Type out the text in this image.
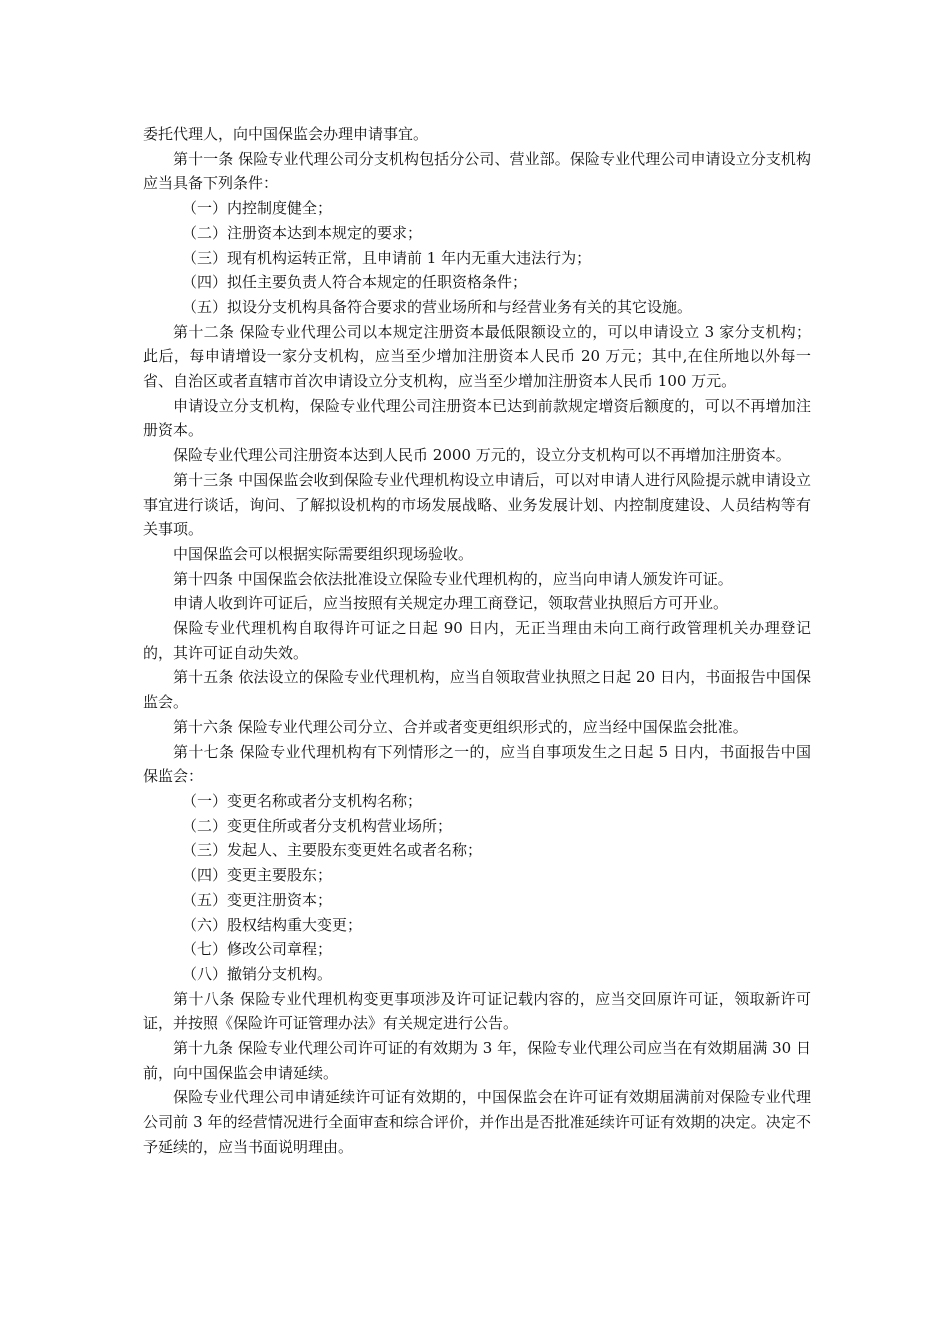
委托代理人，向中国保监会办理申请事宜。

第十一条 保险专业代理公司分支机构包括分公司、营业部。保险专业代理公司申请设立分支机构应当具备下列条件：

（一）内控制度健全；

（二）注册资本达到本规定的要求；

（三）现有机构运转正常，且申请前 1 年内无重大违法行为；

（四）拟任主要负责人符合本规定的任职资格条件；

（五）拟设分支机构具备符合要求的营业场所和与经营业务有关的其它设施。

第十二条 保险专业代理公司以本规定注册资本最低限额设立的，可以申请设立 3 家分支机构；此后，每申请增设一家分支机构，应当至少增加注册资本人民币 20 万元；其中,在住所地以外每一省、自治区或者直辖市首次申请设立分支机构，应当至少增加注册资本人民币 100 万元。

申请设立分支机构，保险专业代理公司注册资本已达到前款规定增资后额度的，可以不再增加注册资本。

保险专业代理公司注册资本达到人民币 2000 万元的，设立分支机构可以不再增加注册资本。

第十三条 中国保监会收到保险专业代理机构设立申请后，可以对申请人进行风险提示就申请设立事宜进行谈话，询问、了解拟设机构的市场发展战略、业务发展计划、内控制度建设、人员结构等有关事项。

中国保监会可以根据实际需要组织现场验收。

第十四条 中国保监会依法批准设立保险专业代理机构的，应当向申请人颁发许可证。

申请人收到许可证后，应当按照有关规定办理工商登记，领取营业执照后方可开业。

保险专业代理机构自取得许可证之日起 90 日内，无正当理由未向工商行政管理机关办理登记的，其许可证自动失效。

第十五条 依法设立的保险专业代理机构，应当自领取营业执照之日起 20 日内，书面报告中国保监会。

第十六条 保险专业代理公司分立、合并或者变更组织形式的，应当经中国保监会批准。

第十七条 保险专业代理机构有下列情形之一的，应当自事项发生之日起 5 日内，书面报告中国保监会：

（一）变更名称或者分支机构名称；

（二）变更住所或者分支机构营业场所；

（三）发起人、主要股东变更姓名或者名称；

（四）变更主要股东；

（五）变更注册资本；

（六）股权结构重大变更；

（七）修改公司章程；

（八）撤销分支机构。

第十八条 保险专业代理机构变更事项涉及许可证记载内容的，应当交回原许可证，领取新许可证，并按照《保险许可证管理办法》有关规定进行公告。

第十九条 保险专业代理公司许可证的有效期为 3 年，保险专业代理公司应当在有效期届满 30 日前，向中国保监会申请延续。

保险专业代理公司申请延续许可证有效期的，中国保监会在许可证有效期届满前对保险专业代理公司前 3 年的经营情况进行全面审查和综合评价，并作出是否批准延续许可证有效期的决定。决定不予延续的，应当书面说明理由。
